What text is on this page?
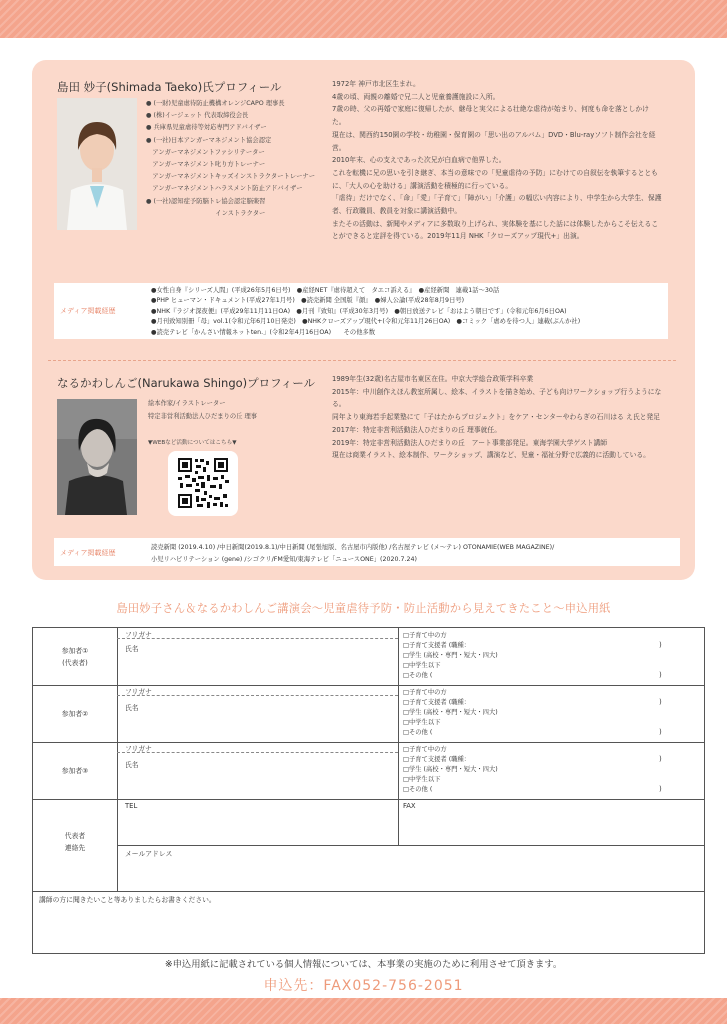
島田 妙子(Shimada Taeko)氏プロフィール
● (一財)児童虐待防止機構オレンジCAPO 理事長
● (株)イージェット 代表取締役会長
● 兵庫県児童虐待等対応専門アドバイザー
● (一社)日本アンガーマネジメント協会認定
　アンガーマネジメントファシリテーター
　アンガーマネジメント叱り方トレーナー
　アンガーマネジメントキッズインストラクタートレーナー
　アンガーマネジメントハラスメント防止アドバイザー
● (一社)認知症予防脳トレ協会認定脳楽習
　　　　　　　　　　　インストラクター

1972年 神戸市北区生まれ。

4歳の頃、両親の離婚で兄二人と児童養護施設に入所。

7歳の時、父の再婚で家庭に復帰したが、継母と実父による壮絶な虐待が始まり、何度も命を落としかけた。

現在は、関西約150園の学校・幼稚園・保育園の「思い出のアルバム」DVD・Blu-rayソフト制作会社を経営。

2010年末、心の支えであった次兄が白血病で他界した。

これを転機に兄の思いを引き継ぎ、本当の意味での「児童虐待の予防」にむけての自叙伝を執筆するとともに、「大人の心を助ける」講演活動を積極的に行っている。

「虐待」だけでなく、「命」「愛」「子育て」「障がい」「介護」の幅広い内容により、中学生から大学生、保護者、行政職員、教員を対象に講演活動中。

またその活動は、新聞やメディアに多数取り上げられ、実体験を基にした話には体験したからこそ伝えることができると定評を得ている。2019年11月 NHK「クローズアップ現代+」出演。

メディア掲載経歴
●女性自身『シリーズ人間』(平成26年5月6日号)　●産経NET『虐待超えて　タエコ訴える』　●産経新聞　連載1話～30話
●PHP ヒューマン・ドキュメント(平成27年1月号)　●読売新聞 全国版『顔』　●婦人公論(平成28年8月9日号)
●NHK『ラジオ深夜便』(平成29年11月11日OA)　●月刊『致知』(平成30年3月号)　●朝日放送テレビ「おはよう朝日です」(令和元年6月6日OA)
●月刊致知別冊「母」vol.1(令和元年6月10日発売)　●NHKクローズアップ現代+(令和元年11月26日OA)　●コミック「虐めを待つ人」連載(ぶんか社)
●読売テレビ「かんさい情報ネットten.」(令和2年4月16日OA)　　その他多数
なるかわしんご(Narukawa Shingo)プロフィール
絵本作家/イラストレーター
特定非営利活動法人ひだまりの丘 理事
▼WEBなど活動についてはこちら▼

1989年生(32歳)名古屋市名東区在住。中京大学総合政策学科卒業

2015年：中川創作えほん教室所属し、絵本、イラストを描き始め、子ども向けワークショップ行うようになる。

同年より東海若手起業塾にて「子はたからプロジェクト」をケア・センターやわらぎの石川はる え氏と発足

2017年：特定非営利活動法人ひだまりの丘 理事就任。

2019年：特定非営利活動法人ひだまりの丘　アート事業部発足。東海学園大学ゲスト講師

現在は商業イラスト、絵本制作、ワークショップ、講演など、児童・福祉分野で広義的に活動している。

メディア掲載経歴
読売新聞 (2019.4.10) /中日新聞(2019.8.1)/中日新聞 (尾張旭版、名古屋市内版他) /名古屋テレビ (メ～テレ) OTONAMIE(WEB MAGAZINE)/
小児リハビリテーション (gene) /シゴクリ/FM愛知/東海テレビ「ニュースONE」(2020.7.24)
島田妙子さん＆なるかわしんご講演会～児童虐待予防・防止活動から見えてきたこと～申込用紙
参加者①
(代表者)
フリガナ
氏名
□子育て中の方
□子育て支援者 (職種：
□学生 (高校・専門・短大・四大)
□中学生以下
□その他 (
)
)
参加者②
フリガナ
氏名
□子育て中の方
□子育て支援者 (職種：
□学生 (高校・専門・短大・四大)
□中学生以下
□その他 (
)
)
参加者③
フリガナ
氏名
□子育て中の方
□子育て支援者 (職種：
□学生 (高校・専門・短大・四大)
□中学生以下
□その他 (
)
)
代表者
連絡先
TEL	FAX
メールアドレス
講師の方に聞きたいこと等ありましたらお書きください。
※申込用紙に記載されている個人情報については、本事業の実施のために利用させて頂きます。
申込先：FAX052-756-2051
